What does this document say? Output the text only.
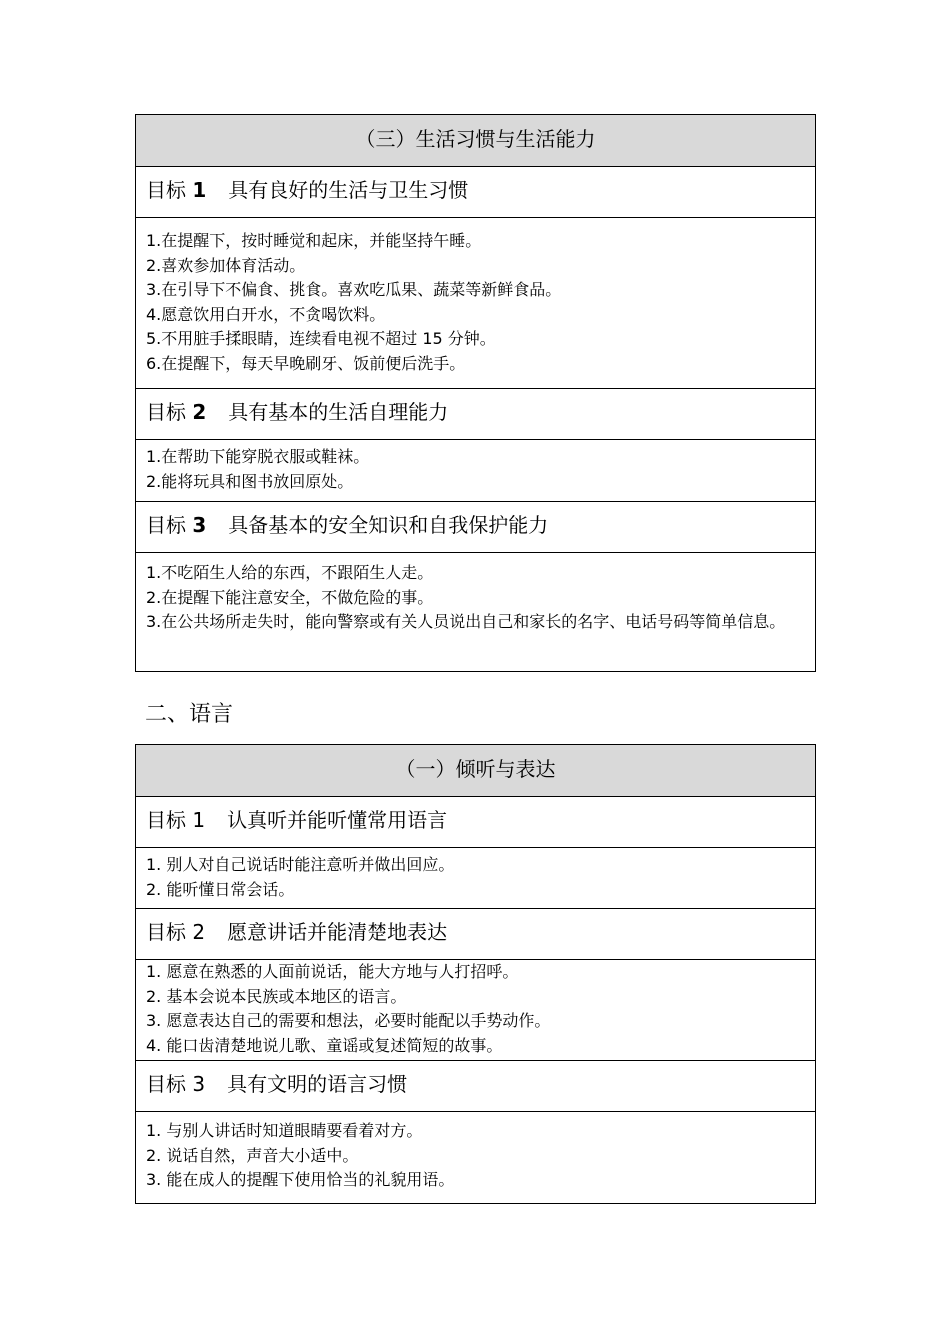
（三）生活习惯与生活能力
目标 1 具有良好的生活与卫生习惯
1.在提醒下，按时睡觉和起床，并能坚持午睡。
2.喜欢参加体育活动。
3.在引导下不偏食、挑食。喜欢吃瓜果、蔬菜等新鲜食品。
4.愿意饮用白开水，不贪喝饮料。
5.不用脏手揉眼睛，连续看电视不超过 15 分钟。
6.在提醒下，每天早晚刷牙、饭前便后洗手。
目标 2 具有基本的生活自理能力
1.在帮助下能穿脱衣服或鞋袜。
2.能将玩具和图书放回原处。
目标 3 具备基本的安全知识和自我保护能力
1.不吃陌生人给的东西，不跟陌生人走。
2.在提醒下能注意安全，不做危险的事。
3.在公共场所走失时，能向警察或有关人员说出自己和家长的名字、电话号码等简单信息。
二、语言
（一）倾听与表达
目标 1 认真听并能听懂常用语言
1. 别人对自己说话时能注意听并做出回应。
2. 能听懂日常会话。
目标 2 愿意讲话并能清楚地表达
1. 愿意在熟悉的人面前说话，能大方地与人打招呼。
2. 基本会说本民族或本地区的语言。
3. 愿意表达自己的需要和想法，必要时能配以手势动作。
4. 能口齿清楚地说儿歌、童谣或复述简短的故事。
目标 3 具有文明的语言习惯
1. 与别人讲话时知道眼睛要看着对方。
2. 说话自然，声音大小适中。
3. 能在成人的提醒下使用恰当的礼貌用语。
